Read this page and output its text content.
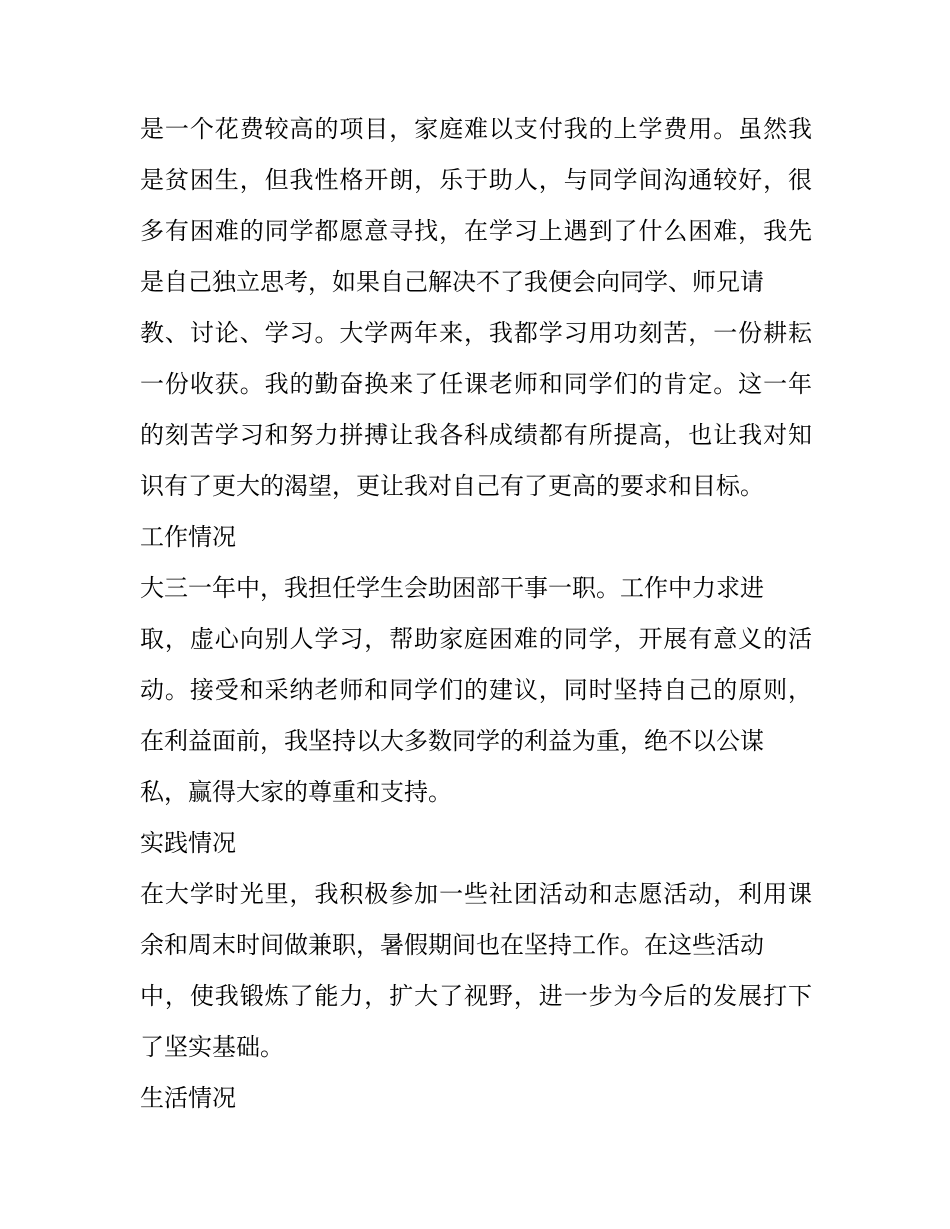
是一个花费较高的项目，家庭难以支付我的上学费用。虽然我
是贫困生，但我性格开朗，乐于助人，与同学间沟通较好，很
多有困难的同学都愿意寻找，在学习上遇到了什么困难，我先
是自己独立思考，如果自己解决不了我便会向同学、师兄请
教、讨论、学习。大学两年来，我都学习用功刻苦，一份耕耘
一份收获。我的勤奋换来了任课老师和同学们的肯定。这一年
的刻苦学习和努力拼搏让我各科成绩都有所提高，也让我对知
识有了更大的渴望，更让我对自己有了更高的要求和目标。
工作情况
大三一年中，我担任学生会助困部干事一职。工作中力求进
取，虚心向别人学习，帮助家庭困难的同学，开展有意义的活
动。接受和采纳老师和同学们的建议，同时坚持自己的原则，
在利益面前，我坚持以大多数同学的利益为重，绝不以公谋
私，赢得大家的尊重和支持。
实践情况
在大学时光里，我积极参加一些社团活动和志愿活动，利用课
余和周末时间做兼职，暑假期间也在坚持工作。在这些活动
中，使我锻炼了能力，扩大了视野，进一步为今后的发展打下
了坚实基础。
生活情况
